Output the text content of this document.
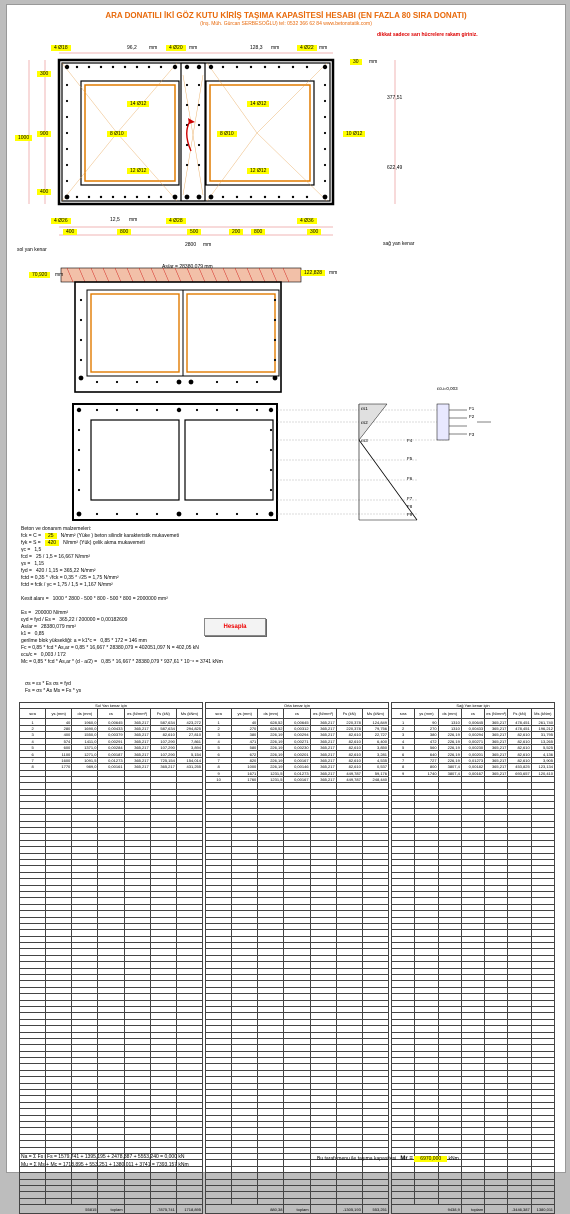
ARA DONATILI İKİ GÖZ KUTU KİRİŞ TAŞIMA KAPASİTESİ HESABI (EN FAZLA 80 SIRA DONATI)
(Inş. Müh. Gürcan SERBESOĞLU) tel: 0532 366 62 84 www.betonstatik.com)
dikkat sadece sarı hücrelere rakam giriniz.
4 Ø18	4 Ø20	4 Ø22
96,2 mm	128,3 mm
mm	mm
30	mm
300
900
1000
400
12,5 mm
400	800	500	800	300
200
2800 mm
8 Ø10	8 Ø10	10 Ø12
14 Ø12
12 Ø12
14 Ø12
12 Ø12
4 Ø26	4 Ø28	4 Ø36
sol yan kenar
sağ yan kenar
377,51
622,49
As/ar = 28380,079 mm
122,828	mm
70,920	mm
εcu=0,003
F1
F2
F3
F4
F5
F6
F7
F8
F9
εs1
εs2
εs3
Beton ve donanım malzemeleri:
fck = C = 25 N/mm² (Yüke ) beton silindir karakteristik mukavemeti
fyk = S = 420 N/mm² (Yük) çelik akma mukavemeti
γc = 1,5
fcd = 25 / 1,5 = 16,667 N/mm²
γs = 1,15
fyd = 420 / 1,15 = 365,22 N/mm²
fctd = 0,35 * √fck = 0,35 * √25 = 1,75 N/mm²
fctd = fctk / γc = 1,75 / 1,5 = 1,167 N/mm²
Kesit alanı = 1000 * 2800 - 500 * 800 - 500 * 800 = 2000000 mm²
Es = 200000 N/mm²
εyd = fyd / Es = 365,22 / 200000 = 0,00182609
As/ar = 28380,079 mm²
k1 = 0,85
gerilme blok yüksekliği: a = k1*c = 0,85 * 172 = 146 mm
Fc = 0,85 * fcd * As,ar = 0,85 * 16,667 * 28380,079 = 402051,097 N = 402,05 kN
εcu/c = 0,003 / 172
Mc = 0,85 * fcd * As,ar * (d - a/2) = 0,85 * 16,667 * 28380,079 * 937,61 * 10⁻⁶ = 3741 kNm
Hesapla
σs = εs * Es σs = fyd
Fs = σs * As Ms = Fs * ys
Sol Yan kenar için						
sıra	ys (mm)	ds (mm)	εs	σs (N/mm²)	Fs (kN)	Ms (kNm)
1	40	1960,0	0,00645	365,217	587,634	423,272
2	280	1690,0	0,00433	365,217	587,634	294,825
3	400	1550,0	0,00379	365,217	82,610	27,810
4	574	1411,0	0,00291	365,217	107,290	7,861
5	600	1371,0	0,00284	365,217	107,290	3,894
6	1100	1271,0	0,00187	365,217	107,290	5,154
7	1600	1091,5	0,01273	365,217	725,154	154,014
8	1770	989,0	0,00161	365,217	365,217	431,255

55815			toplam		-7875,741	1718,895
Orta kenar için						
sıra	ys (mm)	ds (mm)	εs	σs (N/mm²)	Fs (kN)	Ms (kNm)
1	40	628,52	0,00645	365,217	220,378	124,849
2	270	628,52	0,00312	365,217	220,378	79,756
3	380	226,19	0,00294	365,217	82,610	22,727
4	471	226,19	0,00271	365,217	82,610	6,400
5	580	226,19	0,00230	365,217	82,610	3,850
6	672	226,19	0,00201	365,217	82,610	3,281
7	820	226,19	0,00167	365,217	82,610	4,535
8	1000	226,19	0,00146	365,217	82,610	0,537
9	1671	1231,5	0,01273	365,217	449,787	59,176
10	1760	1231,5	0,00167	365,217	449,787	248,440

880,38			toplam		-1305,193	553,251
Sağ Yan kenar için						
sıra	ys (mm)	ds (mm)	εs	σs (N/mm²)	Fs (kN)	Ms (kNm)
1	90	1310	0,00645	365,217	478,451	261,740
2	270	1310	0,00433	365,217	478,451	196,212
3	380	226,19	0,00294	365,217	82,610	31,795
4	472	226,19	0,00271	365,217	82,610	13,265
5	560	226,19	0,00230	365,217	82,610	5,525
6	640	226,19	0,00201	365,217	82,610	4,136
7	727	226,19	0,01273	365,217	82,610	3,905
8	800	3807,4	0,00182	365,217	453,825	123,134
9	1740	3807,4	0,00167	365,217	693,657	120,410

9438,9			toplam		-3446,387	1380,011
Na = Σ Fs i Fs = 1579,741 + 1395,195 + 2478,387 + 5553,240 = 0,000 kN
Mu = Σ Ms + Mc = 1718,895 + 553,251 + 1380,011 + 3741 = 7393,157 kNm
Bu tarafı menu ile taşıma kapasitesi Mr = 6970,000 kNm
